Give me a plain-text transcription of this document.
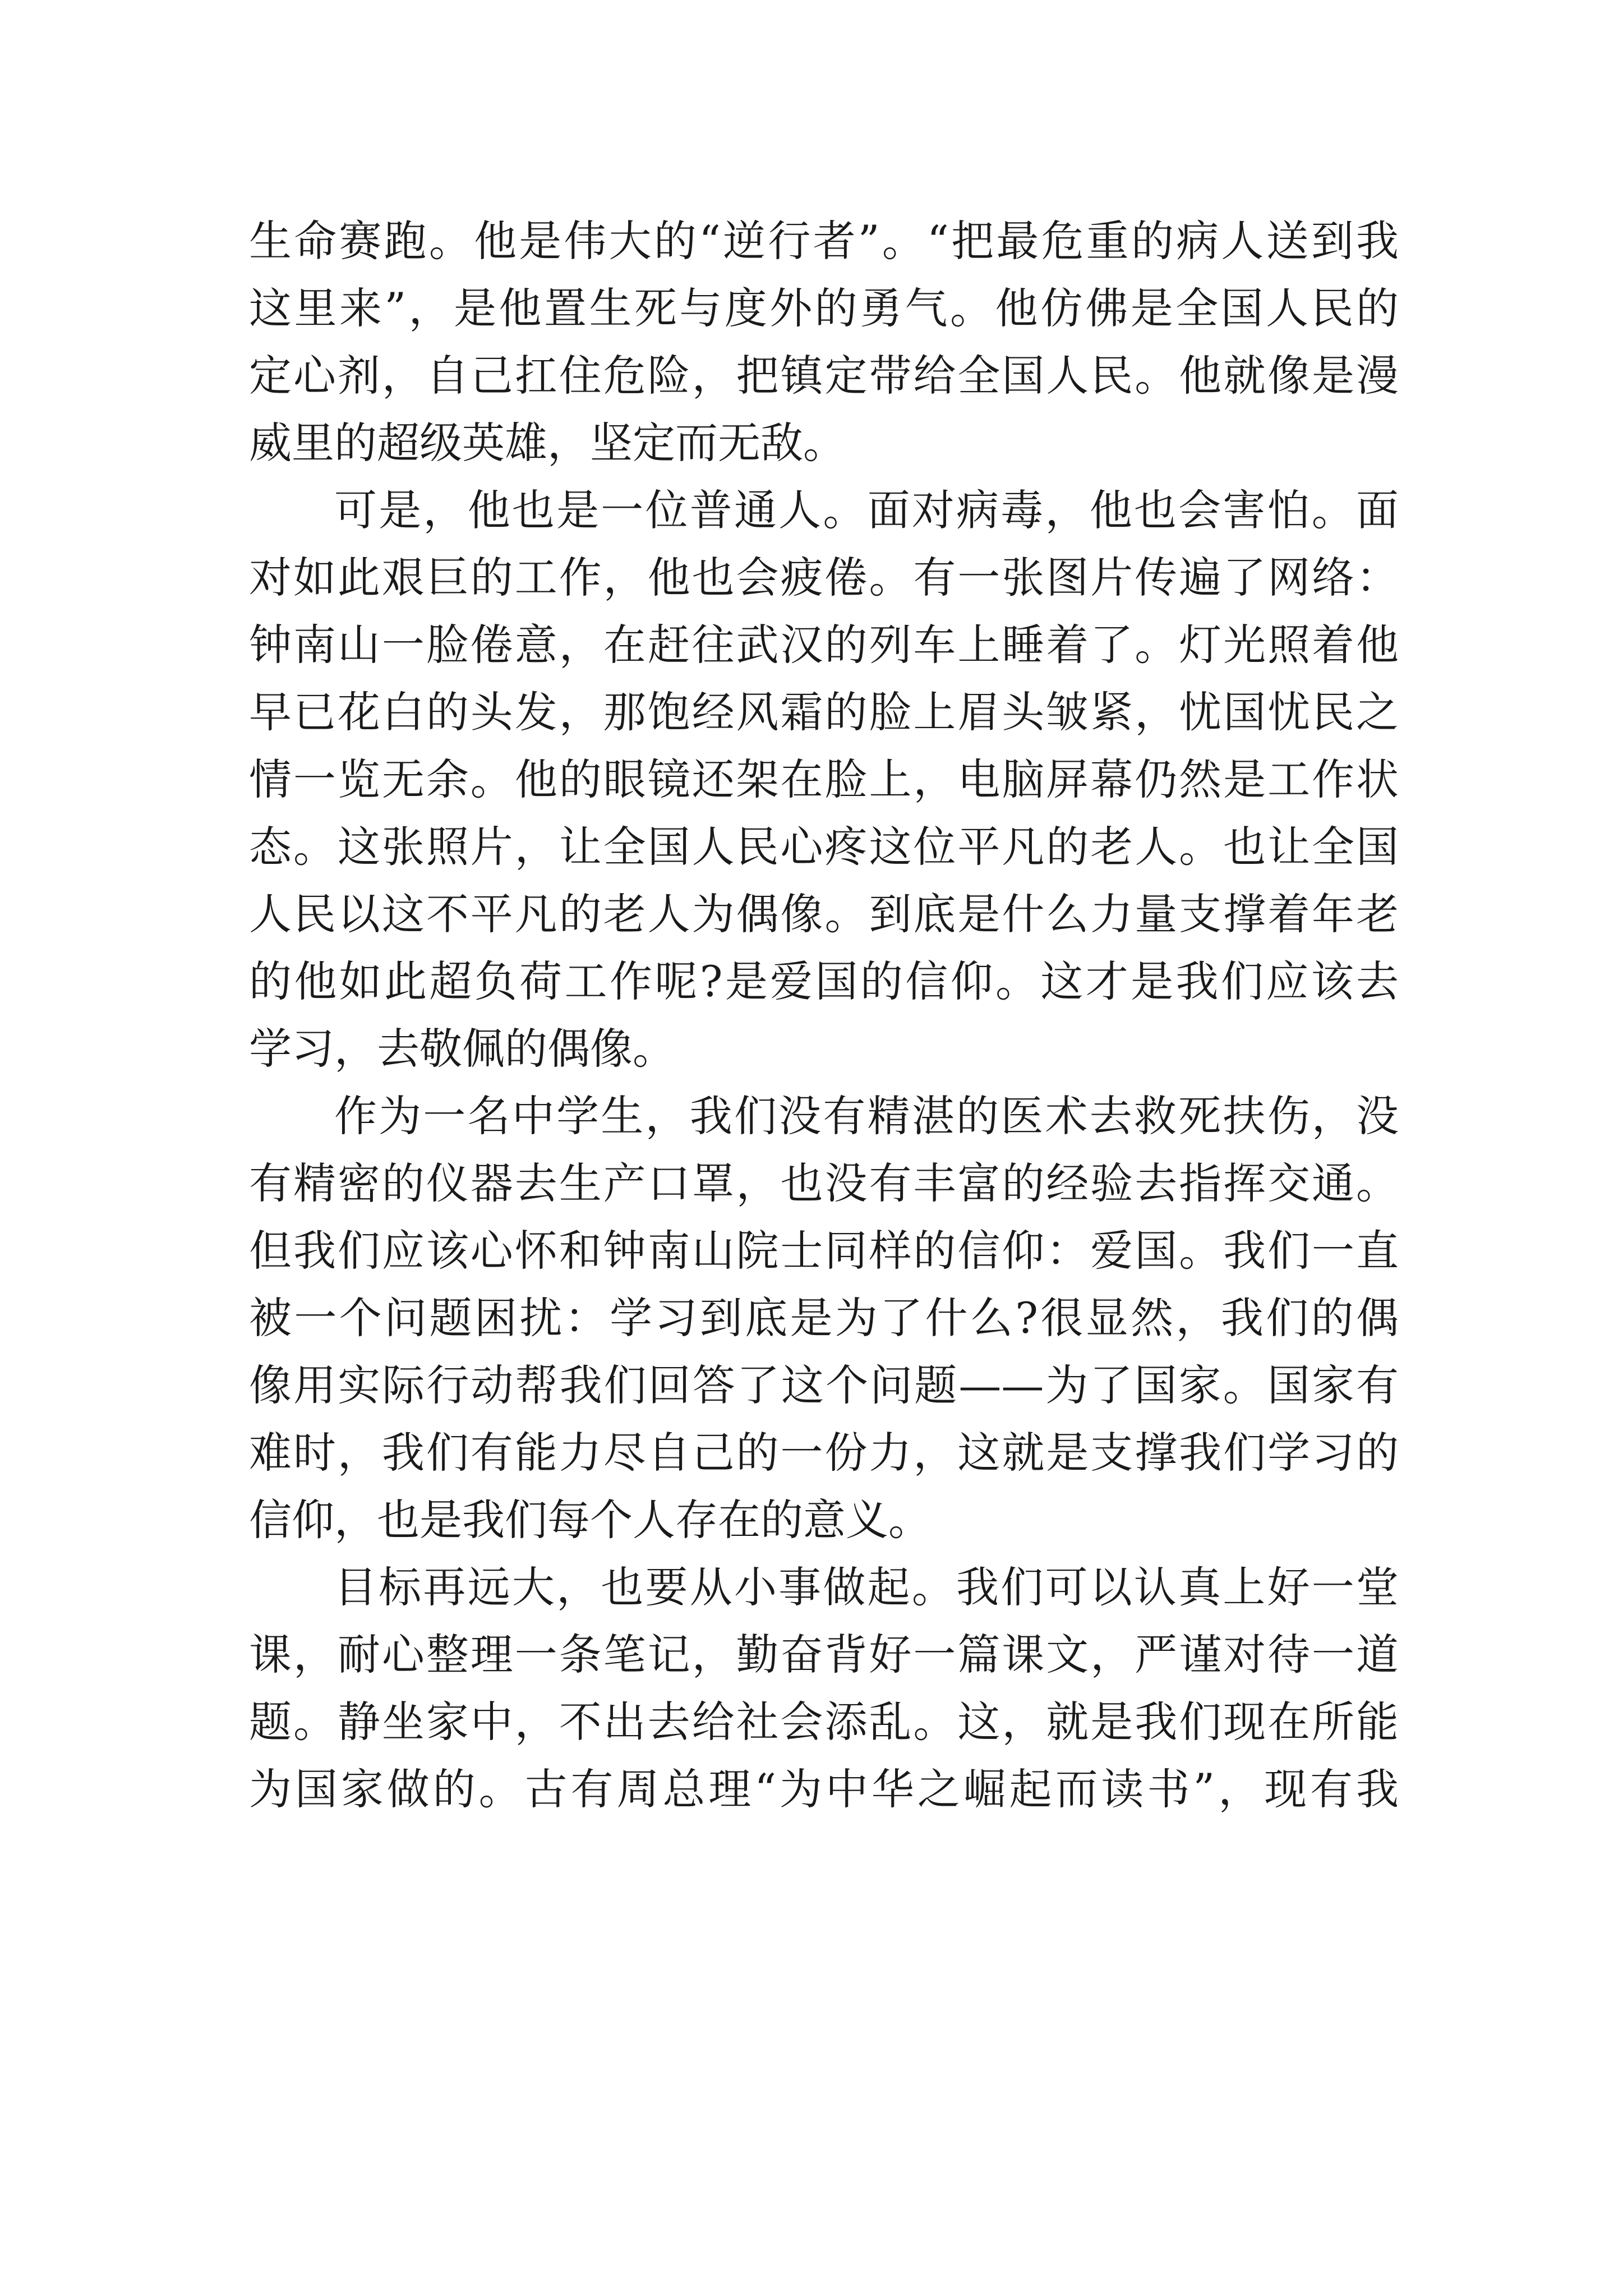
生命赛跑。他是伟大的“逆行者”。“把最危重的病人送到我
这里来”，是他置生死与度外的勇气。他仿佛是全国人民的
定心剂，自己扛住危险，把镇定带给全国人民。他就像是漫
威里的超级英雄，坚定而无敌。
可是，他也是一位普通人。面对病毒，他也会害怕。面
对如此艰巨的工作，他也会疲倦。有一张图片传遍了网络：
钟南山一脸倦意，在赶往武汉的列车上睡着了。灯光照着他
早已花白的头发，那饱经风霜的脸上眉头皱紧，忧国忧民之
情一览无余。他的眼镜还架在脸上，电脑屏幕仍然是工作状
态。这张照片，让全国人民心疼这位平凡的老人。也让全国
人民以这不平凡的老人为偶像。到底是什么力量支撑着年老
的他如此超负荷工作呢?是爱国的信仰。这才是我们应该去
学习，去敬佩的偶像。
作为一名中学生，我们没有精湛的医术去救死扶伤，没
有精密的仪器去生产口罩，也没有丰富的经验去指挥交通。
但我们应该心怀和钟南山院士同样的信仰：爱国。我们一直
被一个问题困扰：学习到底是为了什么?很显然，我们的偶
像用实际行动帮我们回答了这个问题——为了国家。国家有
难时，我们有能力尽自己的一份力，这就是支撑我们学习的
信仰，也是我们每个人存在的意义。
目标再远大，也要从小事做起。我们可以认真上好一堂
课，耐心整理一条笔记，勤奋背好一篇课文，严谨对待一道
题。静坐家中，不出去给社会添乱。这，就是我们现在所能
为国家做的。古有周总理“为中华之崛起而读书”，现有我
